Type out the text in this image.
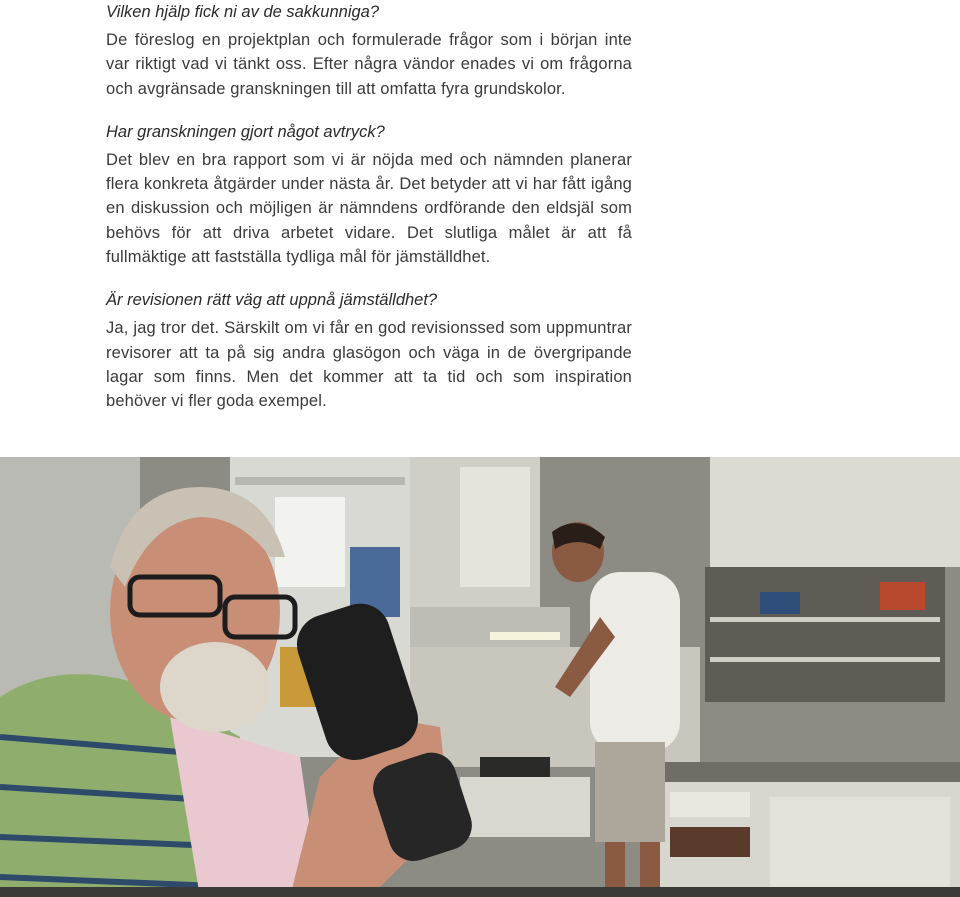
Vilken hjälp fick ni av de sakkunniga?

De föreslog en projektplan och formulerade frågor som i början inte var riktigt vad vi tänkt oss. Efter några vändor enades vi om frågorna och avgränsade granskningen till att omfatta fyra grundskolor.

Har granskningen gjort något avtryck?

Det blev en bra rapport som vi är nöjda med och nämnden planerar flera konkreta åtgärder under nästa år. Det betyder att vi har fått igång en diskussion och möjligen är nämndens ordförande den eldsjäl som behövs för att driva arbetet vidare. Det slutliga målet är att få fullmäktige att fastställa tydliga mål för jämställdhet.

Är revisionen rätt väg att uppnå jämställdhet?

Ja, jag tror det. Särskilt om vi får en god revisionssed som uppmuntrar revisorer att ta på sig andra glasögon och väga in de övergripande lagar som finns. Men det kommer att ta tid och som inspiration behöver vi fler goda exempel.
